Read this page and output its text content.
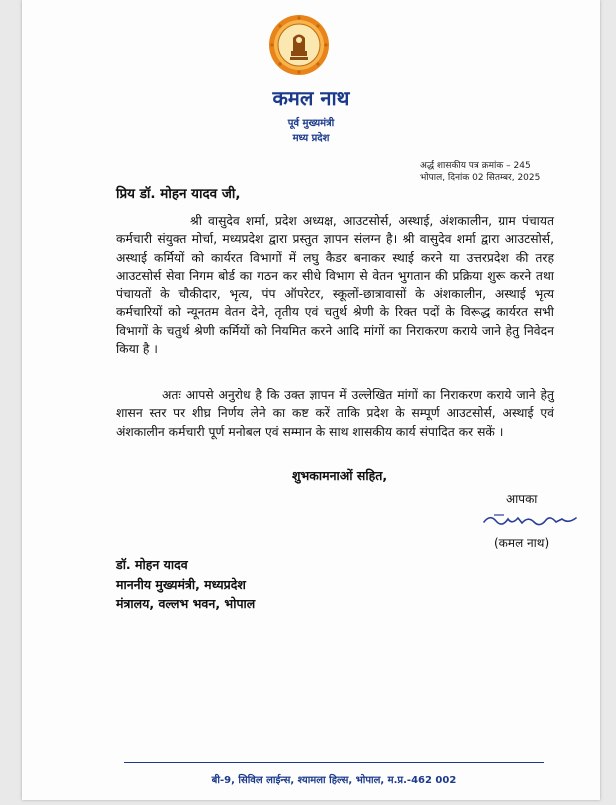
कमल नाथ
पूर्व मुख्यमंत्री
मध्य प्रदेश
अर्द्ध शासकीय पत्र क्रमांक – 245
भोपाल, दिनांक 02 सितम्बर, 2025
प्रिय डॉ. मोहन यादव जी,

श्री वासुदेव शर्मा, प्रदेश अध्यक्ष, आउटसोर्स, अस्थाई, अंशकालीन, ग्राम पंचायत कर्मचारी संयुक्त मोर्चा, मध्यप्रदेश द्वारा प्रस्तुत ज्ञापन संलग्न है। श्री वासुदेव शर्मा द्वारा आउटसोर्स, अस्थाई कर्मियों को कार्यरत विभागों में लघु कैडर बनाकर स्थाई करने या उत्तरप्रदेश की तरह आउटसोर्स सेवा निगम बोर्ड का गठन कर सीधे विभाग से वेतन भुगतान की प्रक्रिया शुरू करने तथा पंचायतों के चौकीदार, भृत्य, पंप ऑपरेटर, स्कूलों-छात्रावासों के अंशकालीन, अस्थाई भृत्य कर्मचारियों को न्यूनतम वेतन देने, तृतीय एवं चतुर्थ श्रेणी के रिक्त पदों के विरूद्ध कार्यरत सभी विभागों के चतुर्थ श्रेणी कर्मियों को नियमित करने आदि मांगों का निराकरण कराये जाने हेतु निवेदन किया है ।

अतः आपसे अनुरोध है कि उक्त ज्ञापन में उल्लेखित मांगों का निराकरण कराये जाने हेतु शासन स्तर पर शीघ्र निर्णय लेने का कष्ट करें ताकि प्रदेश के सम्पूर्ण आउटसोर्स, अस्थाई एवं अंशकालीन कर्मचारी पूर्ण मनोबल एवं सम्मान के साथ शासकीय कार्य संपादित कर सकें ।

शुभकामनाओं सहित,
आपका
(कमल नाथ)
डॉ. मोहन यादव
माननीय मुख्यमंत्री, मध्यप्रदेश
मंत्रालय, वल्लभ भवन, भोपाल
बी-9, सिविल लाईन्स, श्यामला हिल्स, भोपाल, म.प्र.-462 002
